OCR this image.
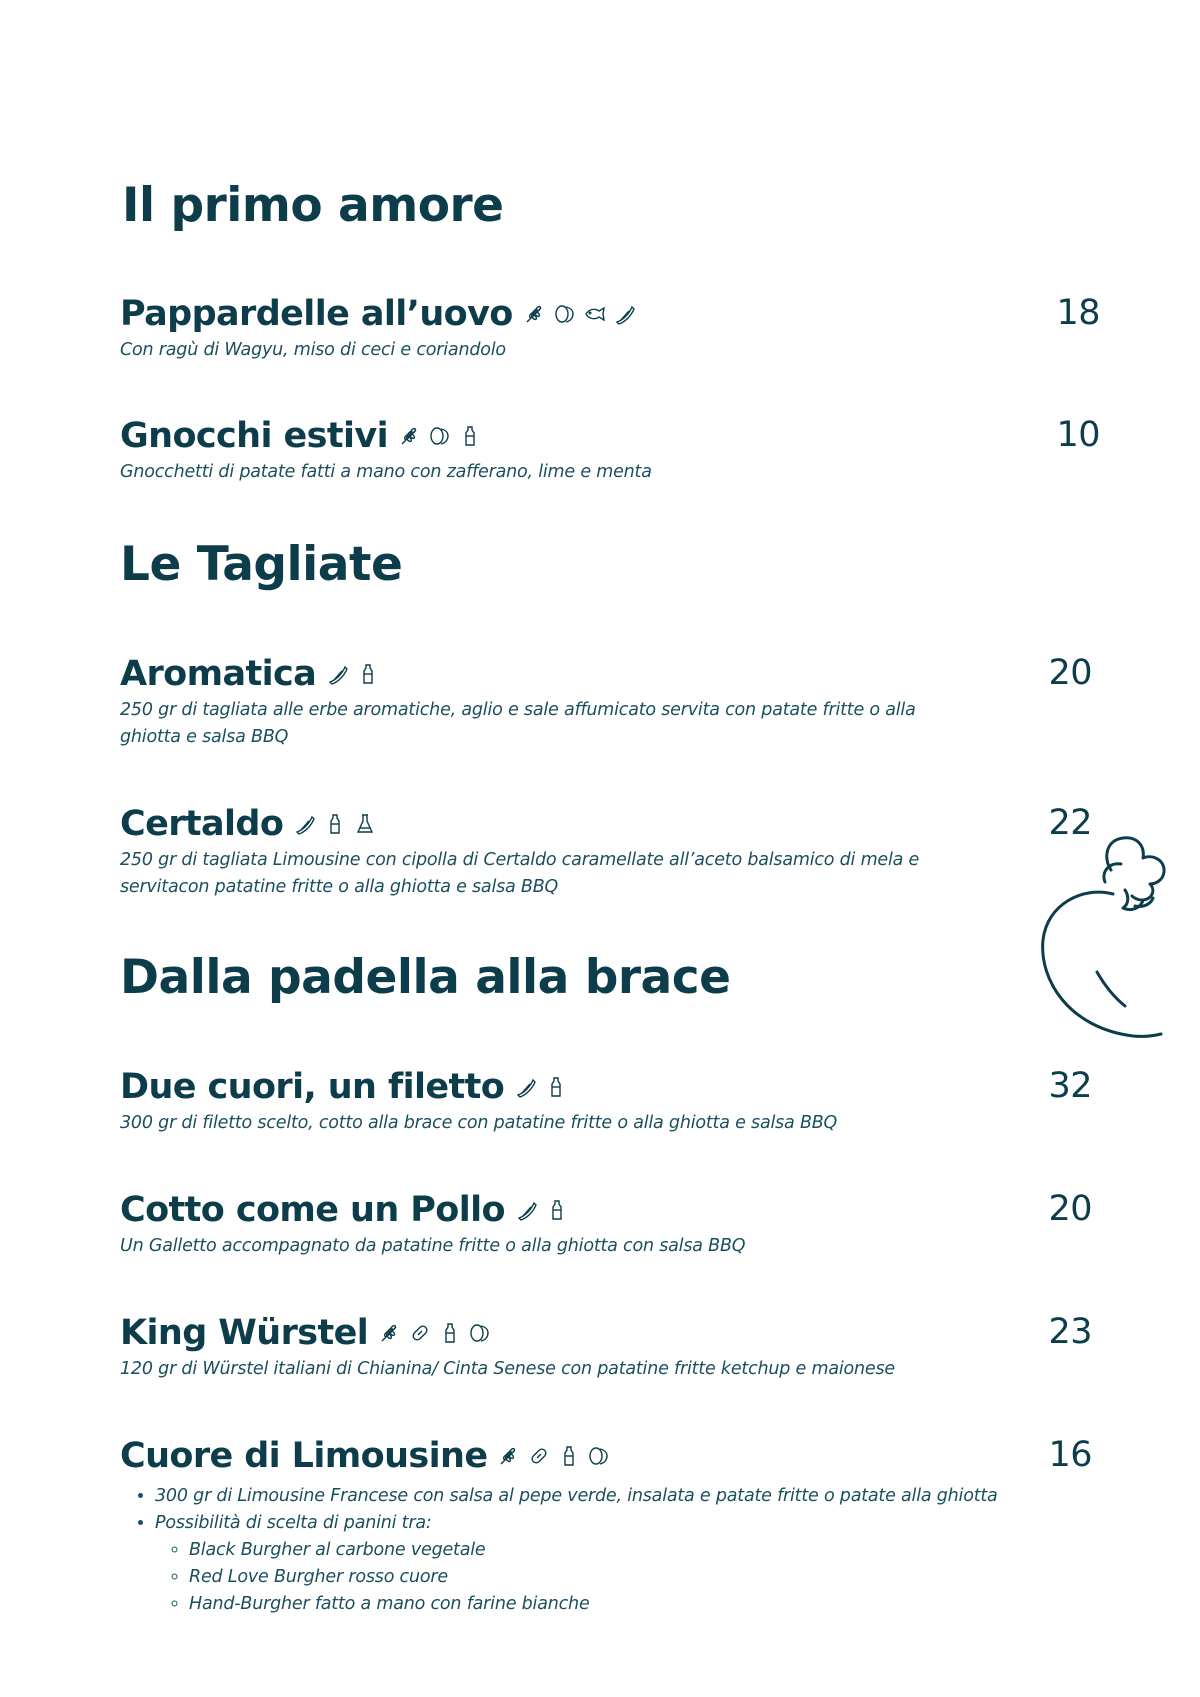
Il primo amore
Pappardelle all’uovo	18

Con ragù di Wagyu, miso di ceci e coriandolo

Gnocchi estivi	10

Gnocchetti di patate fatti a mano con zafferano, lime e menta

Le Tagliate
Aromatica	20

250 gr di tagliata alle erbe aromatiche, aglio e sale affumicato servita con patate fritte o alla

ghiotta e salsa BBQ

Certaldo	22

250 gr di tagliata Limousine con cipolla di Certaldo caramellate all’aceto balsamico di mela e

servitacon patatine fritte o alla ghiotta e salsa BBQ

Dalla padella alla brace
Due cuori, un filetto	32

300 gr di filetto scelto, cotto alla brace con patatine fritte o alla ghiotta e salsa BBQ

Cotto come un Pollo	20

Un Galletto accompagnato da patatine fritte o alla ghiotta con salsa BBQ

King Würstel	23

120 gr di Würstel italiani di Chianina/ Cinta Senese con patatine fritte ketchup e maionese

Cuore di Limousine	16
• 300 gr di Limousine Francese con salsa al pepe verde, insalata e patate fritte o patate alla ghiotta
• Possibilità di scelta di panini tra:
◦ Black Burgher al carbone vegetale
◦ Red Love Burgher rosso cuore
◦ Hand-Burgher fatto a mano con farine bianche
